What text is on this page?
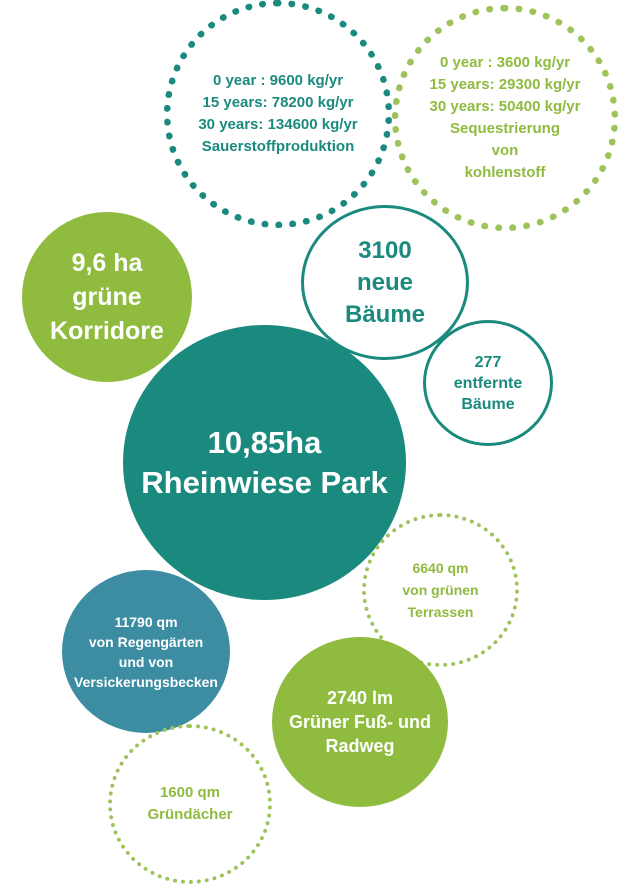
0 year : 9600 kg/yr
15 years: 78200 kg/yr
30 years: 134600 kg/yr
Sauerstoffproduktion
0 year : 3600 kg/yr
15 years: 29300 kg/yr
30 years: 50400 kg/yr
Sequestrierung
von
kohlenstoff
9,6 ha
grüne
Korridore
3100
neue
Bäume
277
entfernte
Bäume
10,85ha
Rheinwiese Park
6640 qm
von grünen
Terrassen
11790 qm
von Regengärten
und von
Versickerungsbecken
2740 lm
Grüner Fuß- und
Radweg
1600 qm
Gründächer
